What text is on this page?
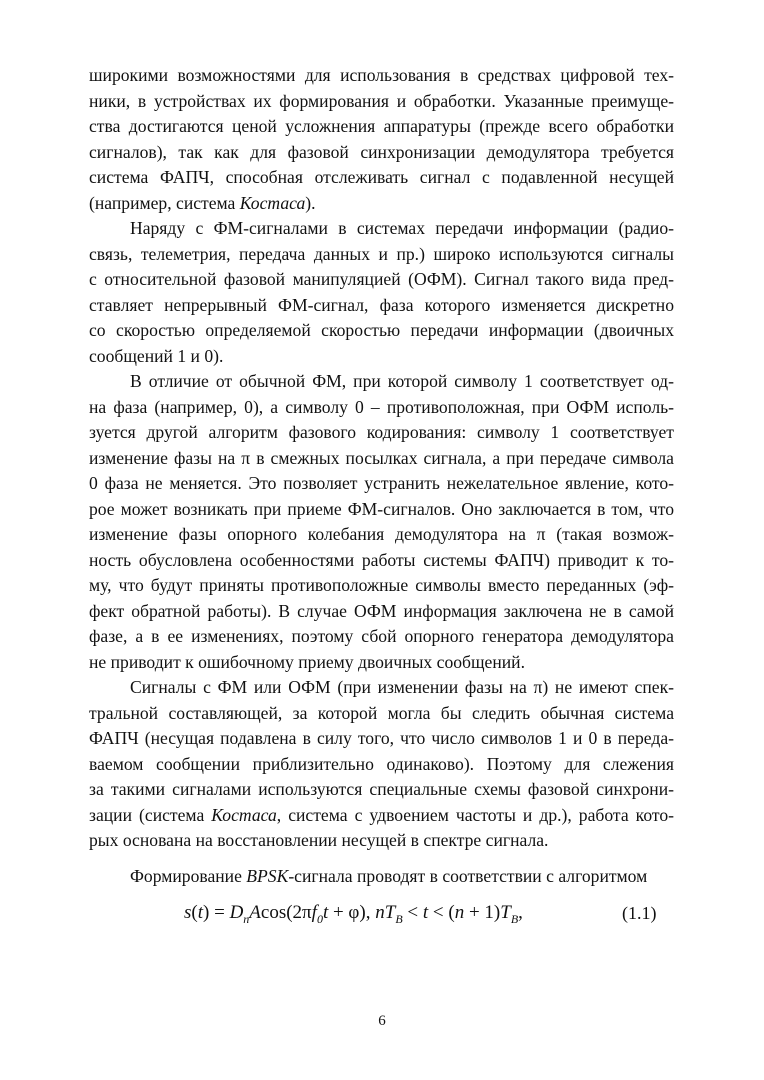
широкими возможностями для использования в средствах цифровой тех-
ники, в устройствах их формирования и обработки. Указанные преимуще-
ства достигаются ценой усложнения аппаратуры (прежде всего обработки
сигналов), так как для фазовой синхронизации демодулятора требуется
система ФАПЧ, способная отслеживать сигнал с подавленной несущей
(например, система Костаса).
Наряду с ФМ-сигналами в системах передачи информации (радио-
связь, телеметрия, передача данных и пр.) широко используются сигналы
с относительной фазовой манипуляцией (ОФМ). Сигнал такого вида пред-
ставляет непрерывный ФМ-сигнал, фаза которого изменяется дискретно
со скоростью определяемой скоростью передачи информации (двоичных
сообщений 1 и 0).
В отличие от обычной ФМ, при которой символу 1 соответствует од-
на фаза (например, 0), а символу 0 – противоположная, при ОФМ исполь-
зуется другой алгоритм фазового кодирования: символу 1 соответствует
изменение фазы на π в смежных посылках сигнала, а при передаче символа
0 фаза не меняется. Это позволяет устранить нежелательное явление, кото-
рое может возникать при приеме ФМ-сигналов. Оно заключается в том, что
изменение фазы опорного колебания демодулятора на π (такая возмож-
ность обусловлена особенностями работы системы ФАПЧ) приводит к то-
му, что будут приняты противоположные символы вместо переданных (эф-
фект обратной работы). В случае ОФМ информация заключена не в самой
фазе, а в ее изменениях, поэтому сбой опорного генератора демодулятора
не приводит к ошибочному приему двоичных сообщений.
Сигналы с ФМ или ОФМ (при изменении фазы на π) не имеют спек-
тральной составляющей, за которой могла бы следить обычная система
ФАПЧ (несущая подавлена в силу того, что число символов 1 и 0 в переда-
ваемом сообщении приблизительно одинаково). Поэтому для слежения
за такими сигналами используются специальные схемы фазовой синхрони-
зации (система Костаса, система с удвоением частоты и др.), работа кото-
рых основана на восстановлении несущей в спектре сигнала.
Формирование BPSK-сигнала проводят в соответствии с алгоритмом
$s(t) = D_nAcos(2\pi f_0t + \varphi)$, $nT_B < t < (n + 1)T_B$,	(1.1)
6
